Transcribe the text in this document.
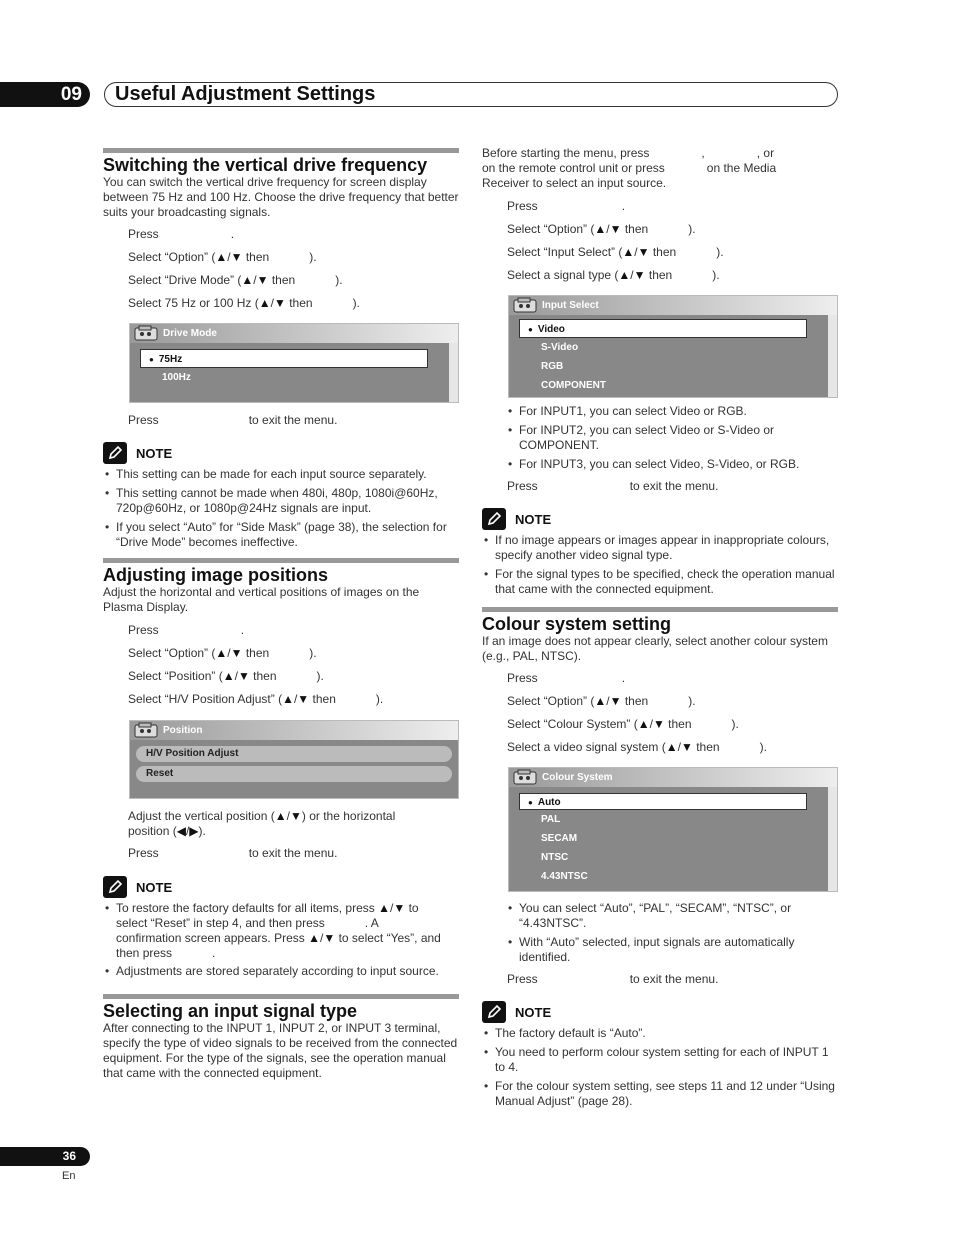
09	Useful Adjustment Settings
Switching the vertical drive frequency
You can switch the vertical drive frequency for screen display between 75 Hz and 100 Hz. Choose the drive frequency that better suits your broadcasting signals.
Press	.
Select “Option” (▲/▼ then	).
Select “Drive Mode” (▲/▼ then	).
Select 75 Hz or 100 Hz (▲/▼ then	).
Drive Mode
● 75Hz
100Hz
Press	to exit the menu.
NOTE
• This setting can be made for each input source separately.
• This setting cannot be made when 480i, 480p, 1080i@60Hz, 720p@60Hz, or 1080p@24Hz signals are input.
• If you select “Auto” for “Side Mask” (page 38), the selection for “Drive Mode” becomes ineffective.
Adjusting image positions
Adjust the horizontal and vertical positions of images on the Plasma Display.
Press	.
Select “Option” (▲/▼ then	).
Select “Position” (▲/▼ then	).
Select “H/V Position Adjust” (▲/▼ then	).
Position
H/V Position Adjust
Reset
Adjust the vertical position (▲/▼) or the horizontal
position (◀/▶).
Press	to exit the menu.
NOTE
• To restore the factory defaults for all items, press ▲/▼ to
select “Reset” in step 4, and then press	. A
confirmation screen appears. Press ▲/▼ to select “Yes”, and
then press	.
• Adjustments are stored separately according to input source.
Selecting an input signal type
After connecting to the INPUT 1, INPUT 2, or INPUT 3 terminal, specify the type of video signals to be received from the connected equipment. For the type of the signals, see the operation manual that came with the connected equipment.
Before starting the menu, press	,	, or
on the remote control unit or press	on the Media
Receiver to select an input source.
Press	.
Select “Option” (▲/▼ then	).
Select “Input Select” (▲/▼ then	).
Select a signal type (▲/▼ then	).
Input Select
● Video
S-Video
RGB
COMPONENT
• For INPUT1, you can select Video or RGB.
• For INPUT2, you can select Video or S-Video or COMPONENT.
• For INPUT3, you can select Video, S-Video, or RGB.
Press	to exit the menu.
NOTE
• If no image appears or images appear in inappropriate colours, specify another video signal type.
• For the signal types to be specified, check the operation manual that came with the connected equipment.
Colour system setting
If an image does not appear clearly, select another colour system (e.g., PAL, NTSC).
Press	.
Select “Option” (▲/▼ then	).
Select “Colour System” (▲/▼ then	).
Select a video signal system (▲/▼ then	).
Colour System
● Auto
PAL
SECAM
NTSC
4.43NTSC
• You can select “Auto”, “PAL”, “SECAM”, “NTSC”, or “4.43NTSC”.
• With “Auto” selected, input signals are automatically identified.
Press	to exit the menu.
NOTE
• The factory default is “Auto”.
• You need to perform colour system setting for each of INPUT 1 to 4.
• For the colour system setting, see steps 11 and 12 under “Using Manual Adjust” (page 28).
36
En
